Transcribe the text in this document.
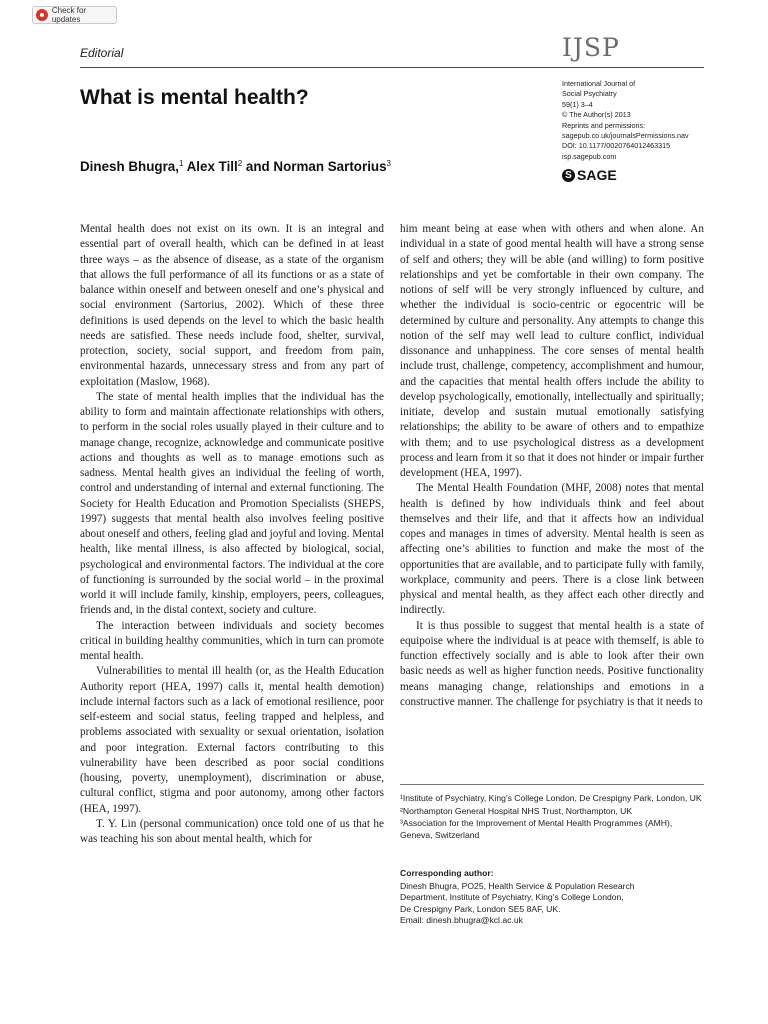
Check for updates
Editorial	IJSP
International Journal of
Social Psychiatry
59(1) 3–4
© The Author(s) 2013
Reprints and permissions:
sagepub.co.uk/journalsPermissions.nav
DOI: 10.1177/0020764012463315
isp.sagepub.com
S SAGE
What is mental health?
Dinesh Bhugra,$^1$ Alex Till$^2$ and Norman Sartorius$^3$

Mental health does not exist on its own. It is an integral and essential part of overall health, which can be defined in at least three ways – as the absence of disease, as a state of the organism that allows the full performance of all its functions or as a state of balance within oneself and between oneself and one’s physical and social environment (Sartorius, 2002). Which of these three definitions is used depends on the level to which the basic health needs are satisfied. These needs include food, shelter, survival, protection, society, social support, and freedom from pain, environmental hazards, unnecessary stress and from any part of exploitation (Maslow, 1968).

The state of mental health implies that the individual has the ability to form and maintain affectionate relationships with others, to perform in the social roles usually played in their culture and to manage change, recognize, acknowledge and communicate positive actions and thoughts as well as to manage emotions such as sadness. Mental health gives an individual the feeling of worth, control and understanding of internal and external functioning. The Society for Health Education and Promotion Specialists (SHEPS, 1997) suggests that mental health also involves feeling positive about oneself and others, feeling glad and joyful and loving. Mental health, like mental illness, is also affected by biological, social, psychological and environmental factors. The individual at the core of functioning is surrounded by the social world – in the proximal world it will include family, kinship, employers, peers, colleagues, friends and, in the distal context, society and culture.

The interaction between individuals and society becomes critical in building healthy communities, which in turn can promote mental health.

Vulnerabilities to mental ill health (or, as the Health Education Authority report (HEA, 1997) calls it, mental health demotion) include internal factors such as a lack of emotional resilience, poor self-esteem and social status, feeling trapped and helpless, and problems associated with sexuality or sexual orientation, isolation and poor integration. External factors contributing to this vulnerability have been described as poor social conditions (housing, poverty, unemployment), discrimination or abuse, cultural conflict, stigma and poor autonomy, among other factors (HEA, 1997).

T. Y. Lin (personal communication) once told one of us that he was teaching his son about mental health, which for

him meant being at ease when with others and when alone. An individual in a state of good mental health will have a strong sense of self and others; they will be able (and willing) to form positive relationships and yet be comfortable in their own company. The notions of self will be very strongly influenced by culture, and whether the individual is socio-centric or egocentric will be determined by culture and personality. Any attempts to change this notion of the self may well lead to culture conflict, individual dissonance and unhappiness. The core senses of mental health include trust, challenge, competency, accomplishment and humour, and the capacities that mental health offers include the ability to develop psychologically, emotionally, intellectually and spiritually; initiate, develop and sustain mutual emotionally satisfying relationships; the ability to be aware of others and to empathize with them; and to use psychological distress as a development process and learn from it so that it does not hinder or impair further development (HEA, 1997).

The Mental Health Foundation (MHF, 2008) notes that mental health is defined by how individuals think and feel about themselves and their life, and that it affects how an individual copes and manages in times of adversity. Mental health is seen as affecting one’s abilities to function and make the most of the opportunities that are available, and to participate fully with family, workplace, community and peers. There is a close link between physical and mental health, as they affect each other directly and indirectly.

It is thus possible to suggest that mental health is a state of equipoise where the individual is at peace with themself, is able to function effectively socially and is able to look after their own basic needs as well as higher function needs. Positive functionality means managing change, relationships and emotions in a constructive manner. The challenge for psychiatry is that it needs to

¹Institute of Psychiatry, King’s College London, De Crespigny Park, London, UK
²Northampton General Hospital NHS Trust, Northampton, UK
³Association for the Improvement of Mental Health Programmes (AMH), Geneva, Switzerland
Corresponding author:
Dinesh Bhugra, PO25, Health Service & Population Research
Department, Institute of Psychiatry, King’s College London,
De Crespigny Park, London SE5 8AF, UK.
Email: dinesh.bhugra@kcl.ac.uk
